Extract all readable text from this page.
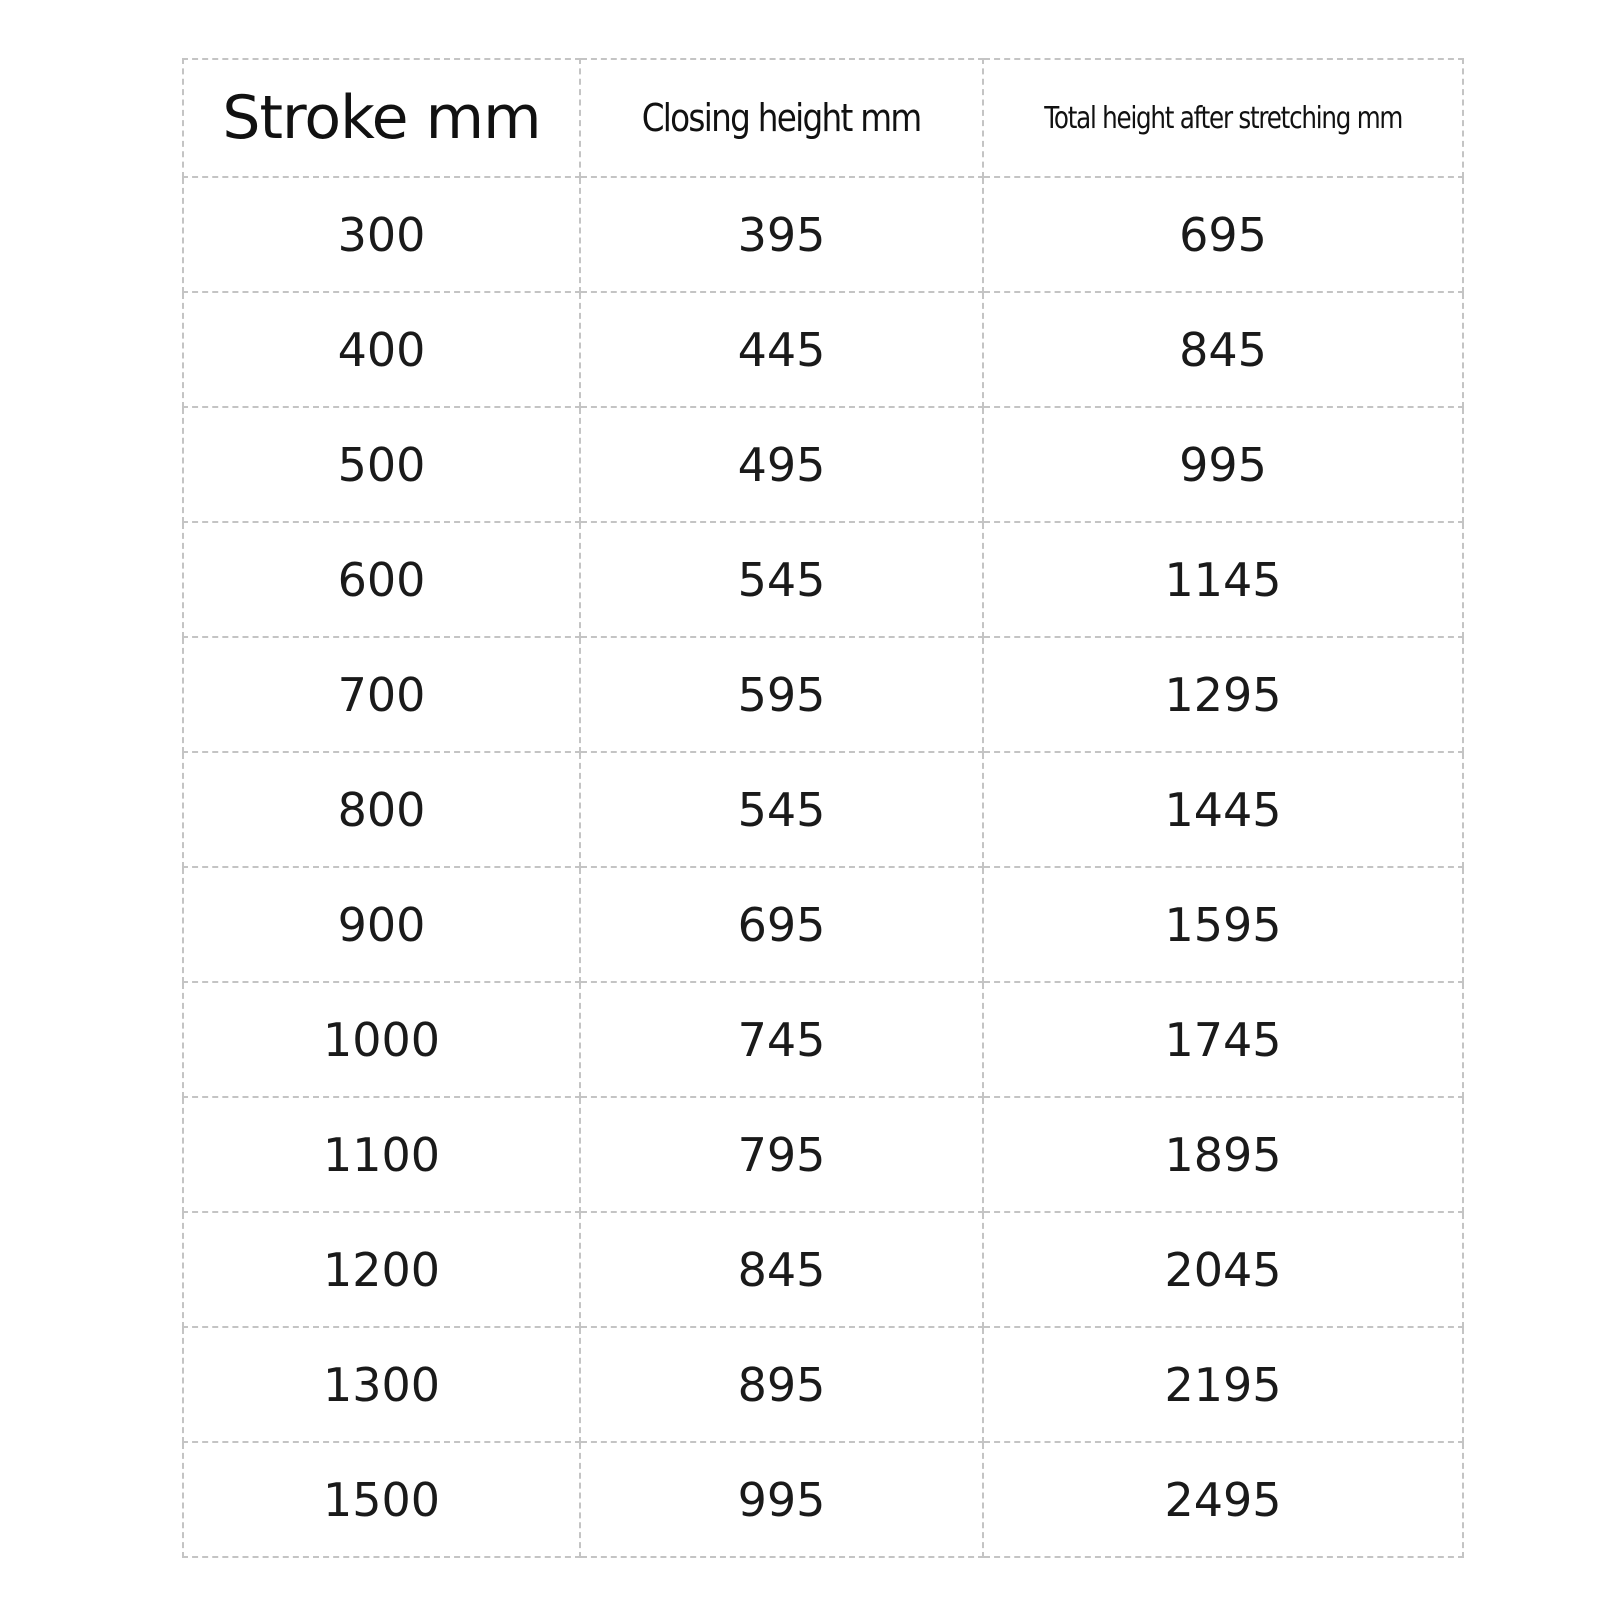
Stroke mm	Closing height mm	Total height after stretching mm
300	395	695
400	445	845
500	495	995
600	545	1145
700	595	1295
800	545	1445
900	695	1595
1000	745	1745
1100	795	1895
1200	845	2045
1300	895	2195
1500	995	2495
